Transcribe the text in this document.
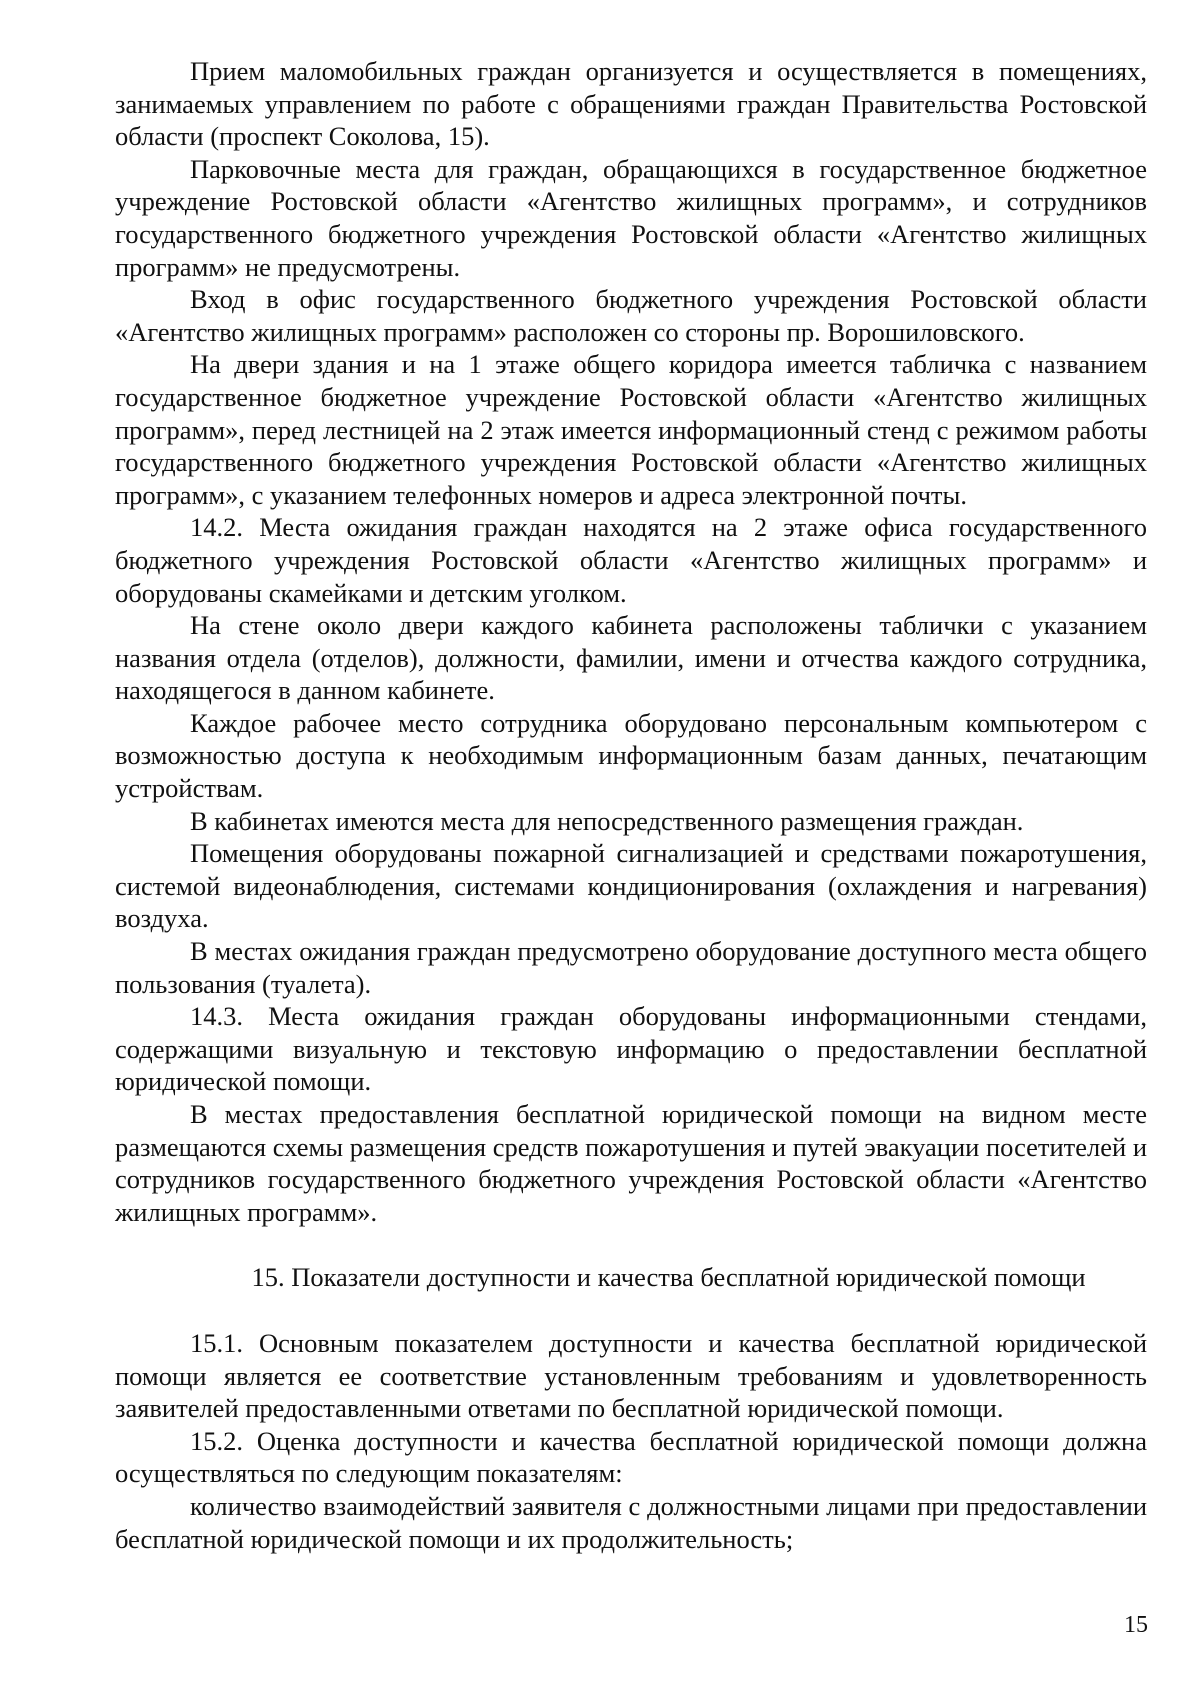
Прием маломобильных граждан организуется и осуществляется в помещениях, занимаемых управлением по работе с обращениями граждан Правительства Ростовской области (проспект Соколова, 15).

Парковочные места для граждан, обращающихся в государственное бюджетное учреждение Ростовской области «Агентство жилищных программ», и сотрудников государственного бюджетного учреждения Ростовской области «Агентство жилищных программ» не предусмотрены.

Вход в офис государственного бюджетного учреждения Ростовской области «Агентство жилищных программ» расположен со стороны пр. Ворошиловского.

На двери здания и на 1 этаже общего коридора имеется табличка с названием государственное бюджетное учреждение Ростовской области «Агентство жилищных программ», перед лестницей на 2 этаж имеется информационный стенд с режимом работы государственного бюджетного учреждения Ростовской области «Агентство жилищных программ», с указанием телефонных номеров и адреса электронной почты.

14.2. Места ожидания граждан находятся на 2 этаже офиса государственного бюджетного учреждения Ростовской области «Агентство жилищных программ» и оборудованы скамейками и детским уголком.

На стене около двери каждого кабинета расположены таблички с указанием названия отдела (отделов), должности, фамилии, имени и отчества каждого сотрудника, находящегося в данном кабинете.

Каждое рабочее место сотрудника оборудовано персональным компьютером с возможностью доступа к необходимым информационным базам данных, печатающим устройствам.

В кабинетах имеются места для непосредственного размещения граждан.

Помещения оборудованы пожарной сигнализацией и средствами пожаротушения, системой видеонаблюдения, системами кондиционирования (охлаждения и нагревания) воздуха.

В местах ожидания граждан предусмотрено оборудование доступного места общего пользования (туалета).

14.3. Места ожидания граждан оборудованы информационными стендами, содержащими визуальную и текстовую информацию о предоставлении бесплатной юридической помощи.

В местах предоставления бесплатной юридической помощи на видном месте размещаются схемы размещения средств пожаротушения и путей эвакуации посетителей и сотрудников государственного бюджетного учреждения Ростовской области «Агентство жилищных программ».

15. Показатели доступности и качества бесплатной юридической помощи

15.1. Основным показателем доступности и качества бесплатной юридической помощи является ее соответствие установленным требованиям и удовлетворенность заявителей предоставленными ответами по бесплатной юридической помощи.

15.2. Оценка доступности и качества бесплатной юридической помощи должна осуществляться по следующим показателям:

количество взаимодействий заявителя с должностными лицами при предоставлении бесплатной юридической помощи и их продолжительность;

15
